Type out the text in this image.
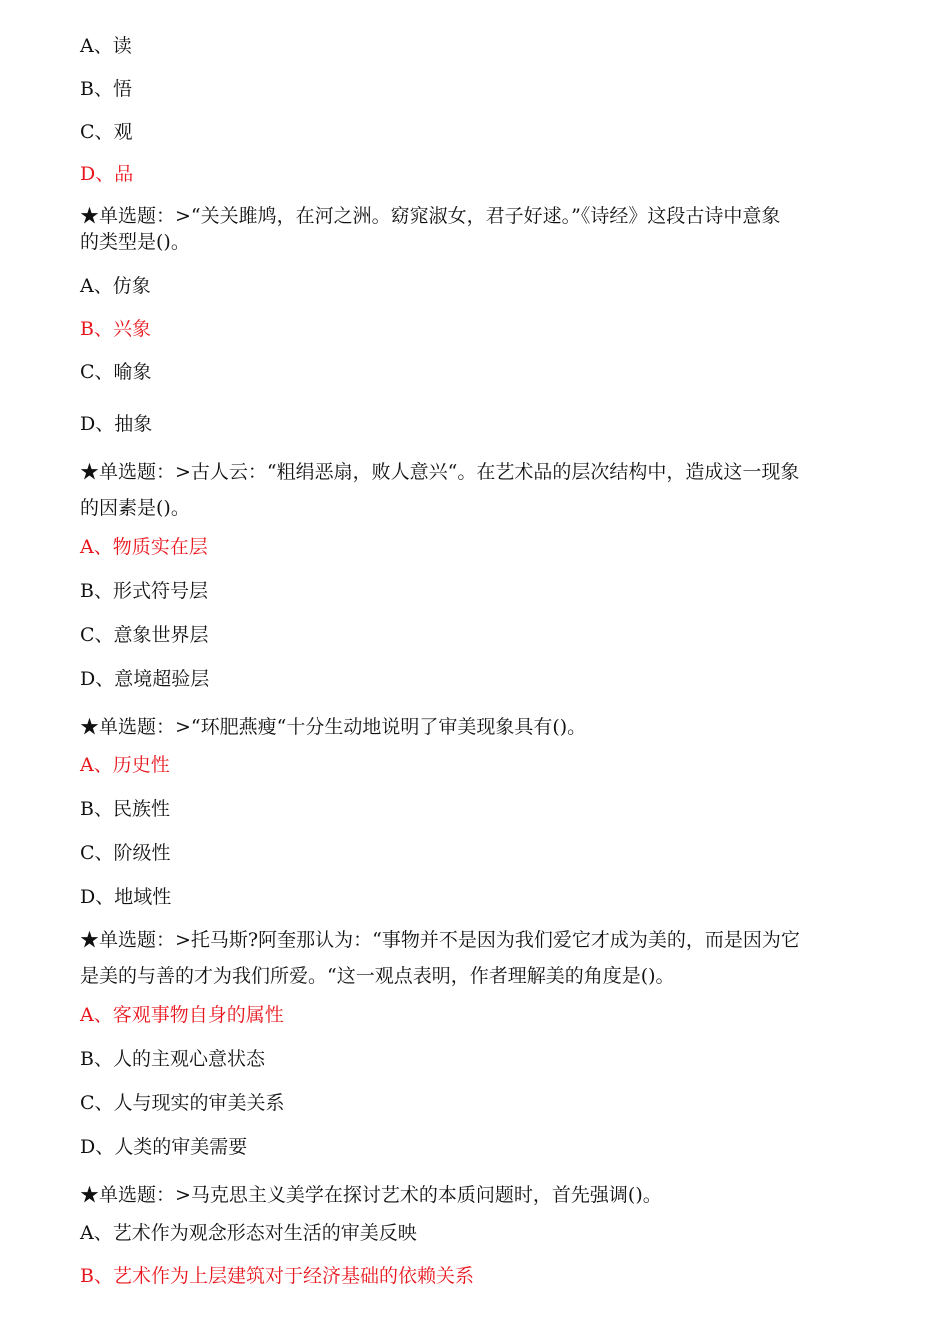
A、读
B、悟
C、观
D、品
★单选题：>“关关雎鸠，在河之洲。窈窕淑女，君子好逑。”《诗经》这段古诗中意象
的类型是()。
A、仿象
B、兴象
C、喻象
D、抽象
★单选题：>古人云：“粗绢恶扇，败人意兴“。在艺术品的层次结构中，造成这一现象
的因素是()。
A、物质实在层
B、形式符号层
C、意象世界层
D、意境超验层
★单选题：>“环肥燕瘦“十分生动地说明了审美现象具有()。
A、历史性
B、民族性
C、阶级性
D、地域性
★单选题：>托马斯?阿奎那认为：“事物并不是因为我们爱它才成为美的，而是因为它
是美的与善的才为我们所爱。“这一观点表明，作者理解美的角度是()。
A、客观事物自身的属性
B、人的主观心意状态
C、人与现实的审美关系
D、人类的审美需要
★单选题：>马克思主义美学在探讨艺术的本质问题时，首先强调()。
A、艺术作为观念形态对生活的审美反映
B、艺术作为上层建筑对于经济基础的依赖关系
